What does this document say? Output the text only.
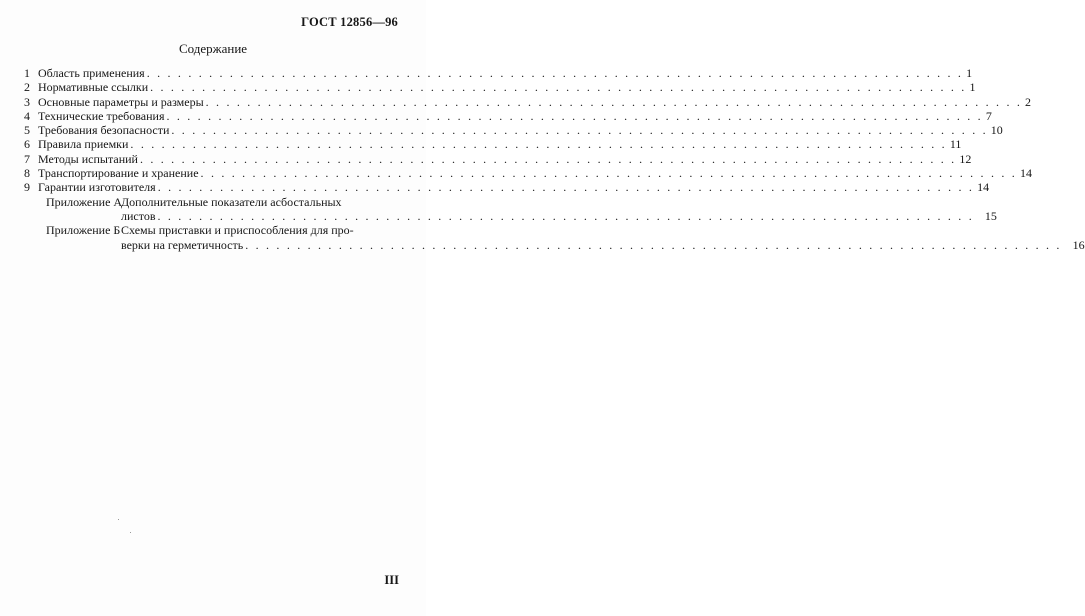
ГОСТ 12856—96
Содержание
1 Область применения . . .	1
2 Нормативные ссылки . . .	1
3 Основные параметры и размеры . . .	2
4 Технические требования . . .	7
5 Требования безопасности . . .	10
6 Правила приемки . . .	11
7 Методы испытаний . . .	12
8 Транспортирование и хранение . . .	14
9 Гарантии изготовителя . . .	14
Приложение А
Дополнительные показатели асбостальных
листов . . .	15
Приложение Б Схемы приставки и приспособления для про-
верки на герметичность . . .	16
III
